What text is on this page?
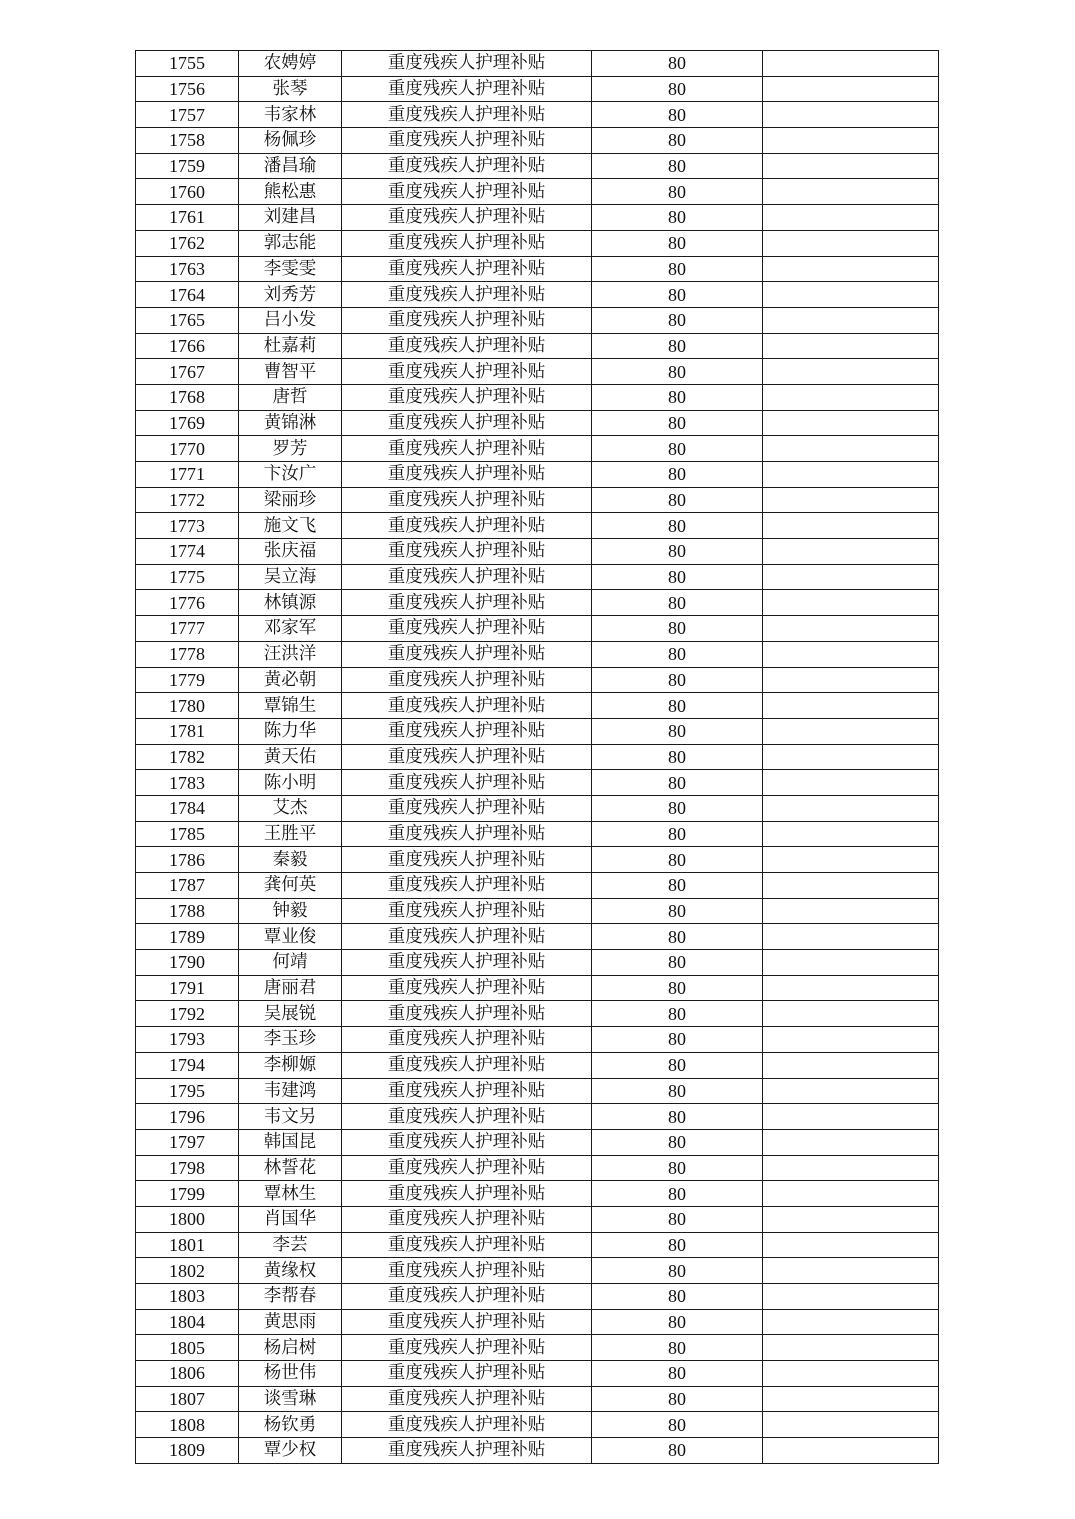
1755	农娉婷	重度残疾人护理补贴	80	
1756	张琴	重度残疾人护理补贴	80	
1757	韦家林	重度残疾人护理补贴	80	
1758	杨佩珍	重度残疾人护理补贴	80	
1759	潘昌瑜	重度残疾人护理补贴	80	
1760	熊松惠	重度残疾人护理补贴	80	
1761	刘建昌	重度残疾人护理补贴	80	
1762	郭志能	重度残疾人护理补贴	80	
1763	李雯雯	重度残疾人护理补贴	80	
1764	刘秀芳	重度残疾人护理补贴	80	
1765	吕小发	重度残疾人护理补贴	80	
1766	杜嘉莉	重度残疾人护理补贴	80	
1767	曹智平	重度残疾人护理补贴	80	
1768	唐哲	重度残疾人护理补贴	80	
1769	黄锦淋	重度残疾人护理补贴	80	
1770	罗芳	重度残疾人护理补贴	80	
1771	卞汝广	重度残疾人护理补贴	80	
1772	梁丽珍	重度残疾人护理补贴	80	
1773	施文飞	重度残疾人护理补贴	80	
1774	张庆福	重度残疾人护理补贴	80	
1775	吴立海	重度残疾人护理补贴	80	
1776	林镇源	重度残疾人护理补贴	80	
1777	邓家军	重度残疾人护理补贴	80	
1778	汪洪洋	重度残疾人护理补贴	80	
1779	黄必朝	重度残疾人护理补贴	80	
1780	覃锦生	重度残疾人护理补贴	80	
1781	陈力华	重度残疾人护理补贴	80	
1782	黄天佑	重度残疾人护理补贴	80	
1783	陈小明	重度残疾人护理补贴	80	
1784	艾杰	重度残疾人护理补贴	80	
1785	王胜平	重度残疾人护理补贴	80	
1786	秦毅	重度残疾人护理补贴	80	
1787	龚何英	重度残疾人护理补贴	80	
1788	钟毅	重度残疾人护理补贴	80	
1789	覃业俊	重度残疾人护理补贴	80	
1790	何靖	重度残疾人护理补贴	80	
1791	唐丽君	重度残疾人护理补贴	80	
1792	吴展锐	重度残疾人护理补贴	80	
1793	李玉珍	重度残疾人护理补贴	80	
1794	李柳嫄	重度残疾人护理补贴	80	
1795	韦建鸿	重度残疾人护理补贴	80	
1796	韦文另	重度残疾人护理补贴	80	
1797	韩国昆	重度残疾人护理补贴	80	
1798	林誓花	重度残疾人护理补贴	80	
1799	覃林生	重度残疾人护理补贴	80	
1800	肖国华	重度残疾人护理补贴	80	
1801	李芸	重度残疾人护理补贴	80	
1802	黄缘权	重度残疾人护理补贴	80	
1803	李帮春	重度残疾人护理补贴	80	
1804	黄思雨	重度残疾人护理补贴	80	
1805	杨启树	重度残疾人护理补贴	80	
1806	杨世伟	重度残疾人护理补贴	80	
1807	谈雪琳	重度残疾人护理补贴	80	
1808	杨钦勇	重度残疾人护理补贴	80	
1809	覃少权	重度残疾人护理补贴	80	
